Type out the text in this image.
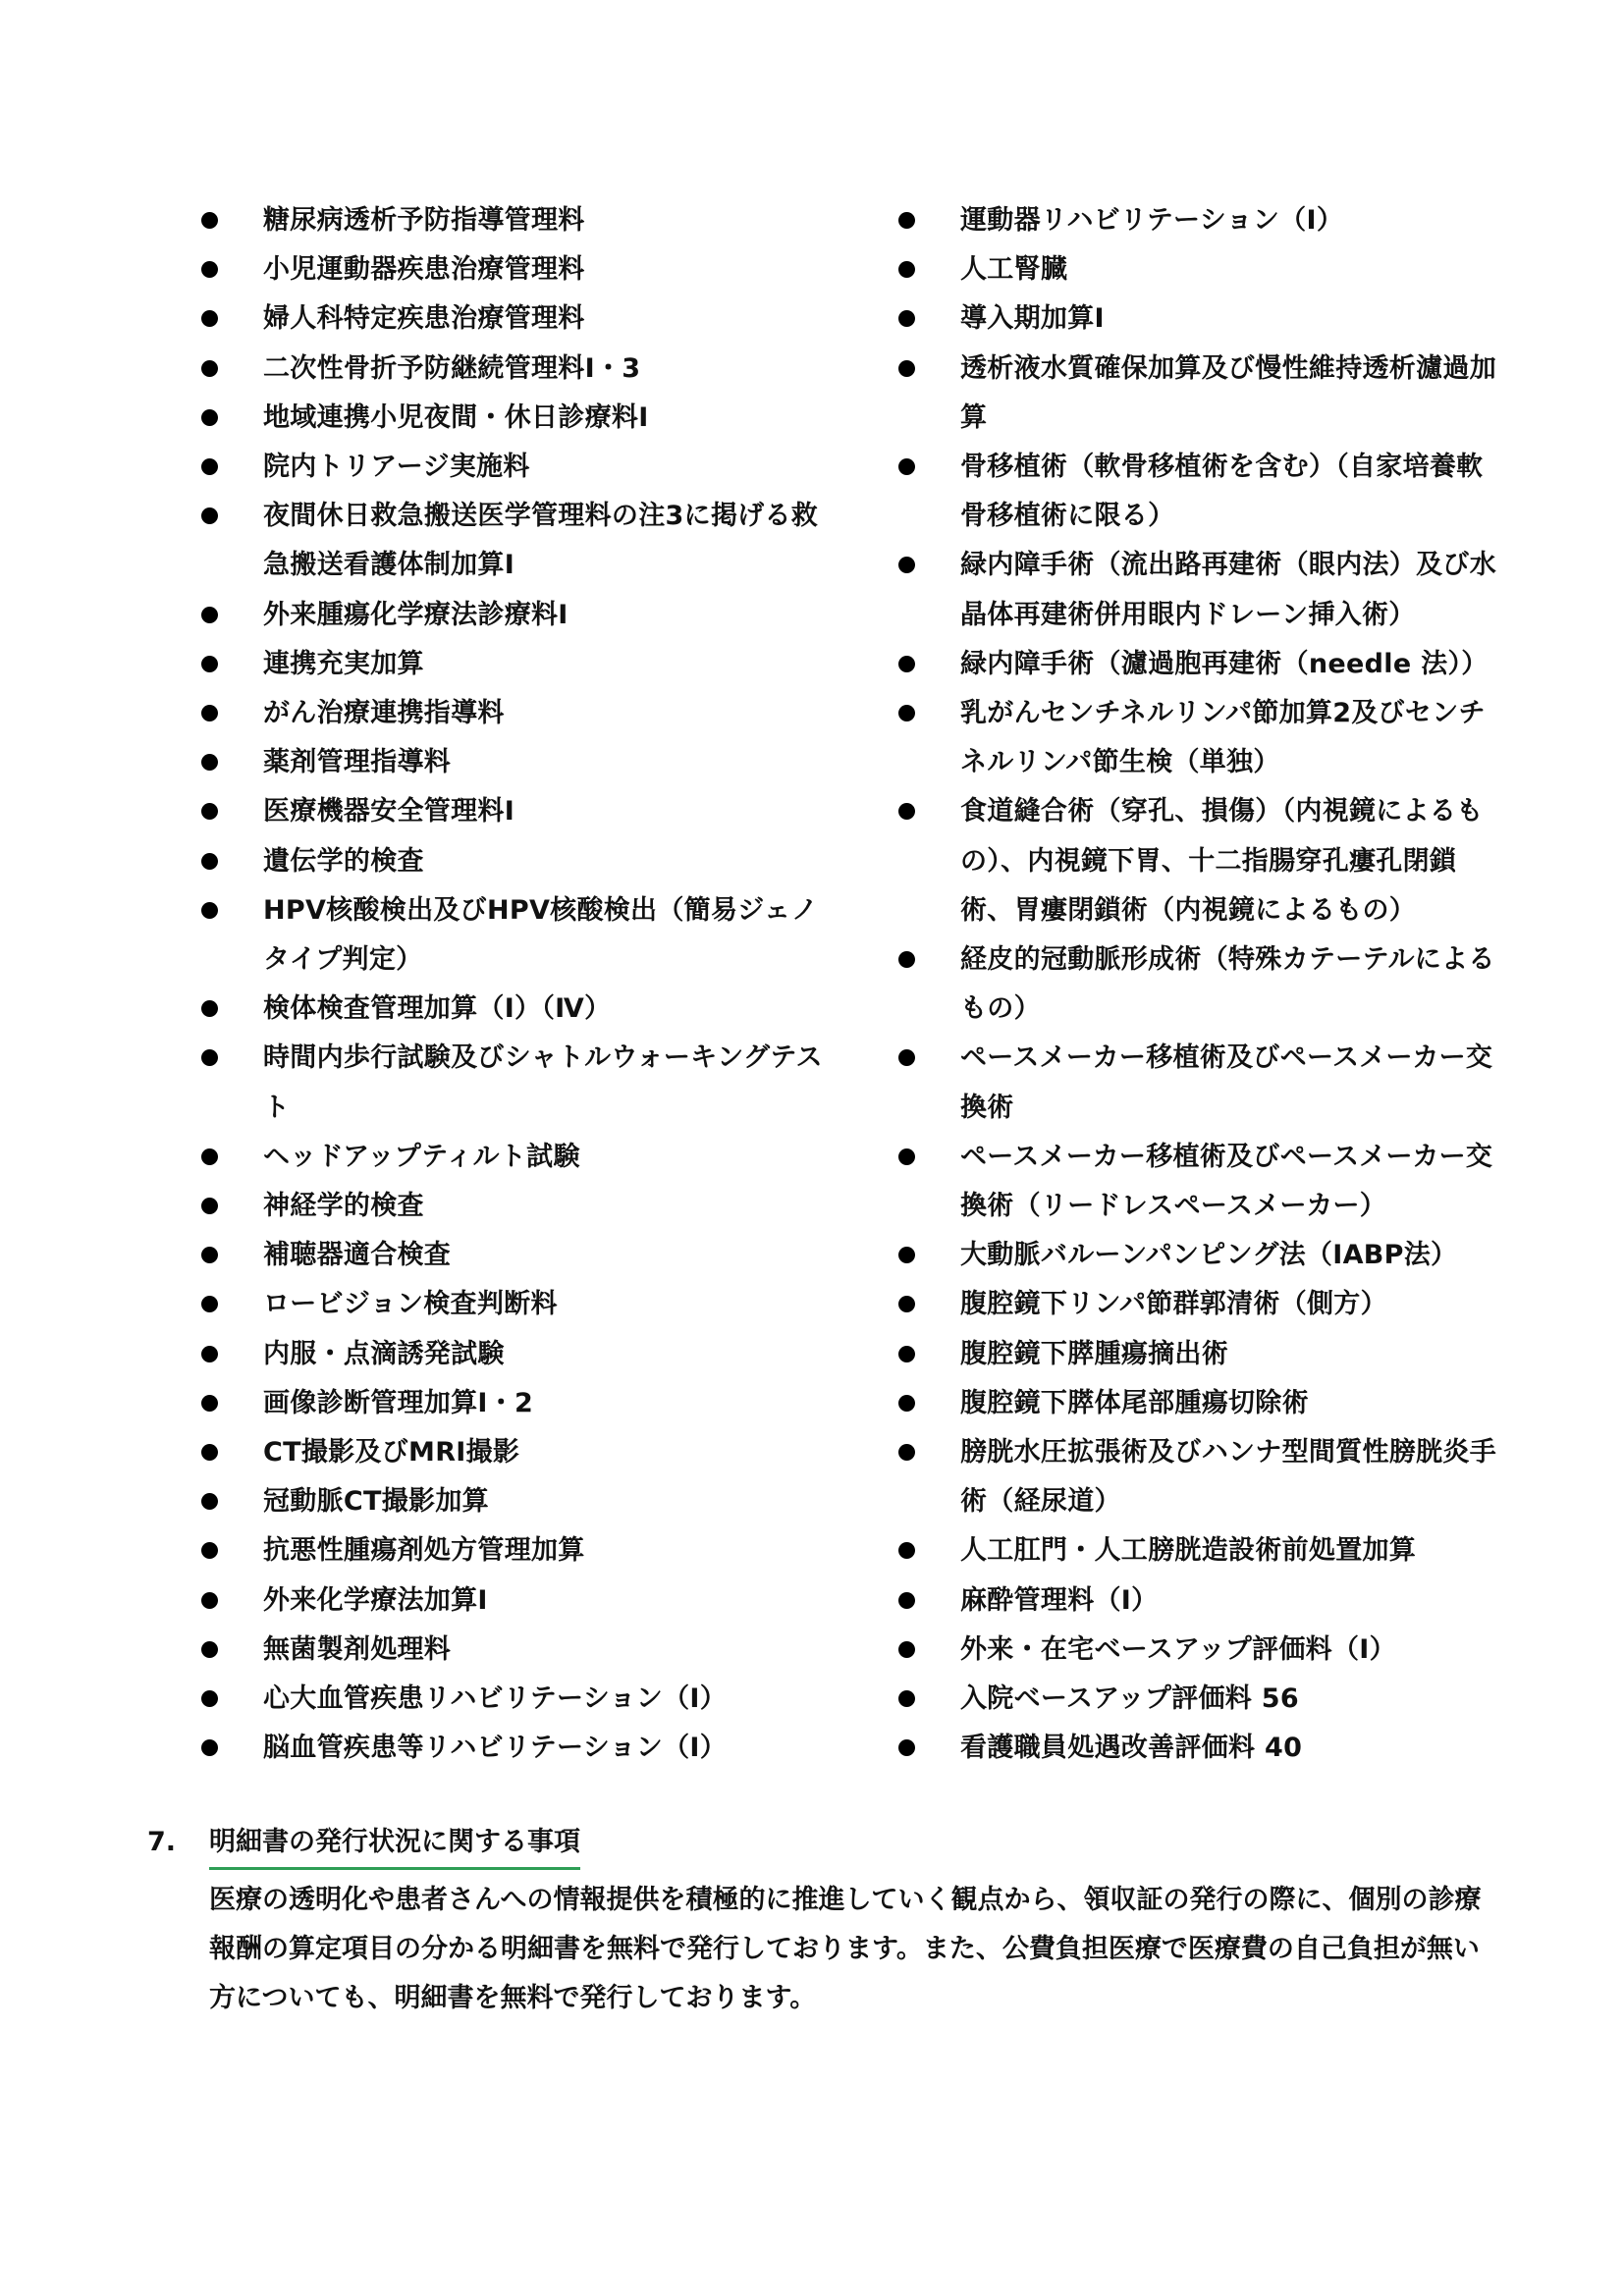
糖尿病透析予防指導管理料
小児運動器疾患治療管理料
婦人科特定疾患治療管理料
二次性骨折予防継続管理料Ⅰ・3
地域連携小児夜間・休日診療料Ⅰ
院内トリアージ実施料
夜間休日救急搬送医学管理料の注3に掲げる救急搬送看護体制加算Ⅰ
外来腫瘍化学療法診療料Ⅰ
連携充実加算
がん治療連携指導料
薬剤管理指導料
医療機器安全管理料Ⅰ
遺伝学的検査
HPV核酸検出及びHPV核酸検出（簡易ジェノタイプ判定）
検体検査管理加算（Ⅰ）（Ⅳ）
時間内歩行試験及びシャトルウォーキングテスト
ヘッドアップティルト試験
神経学的検査
補聴器適合検査
ロービジョン検査判断料
内服・点滴誘発試験
画像診断管理加算Ⅰ・2
CT撮影及びMRI撮影
冠動脈CT撮影加算
抗悪性腫瘍剤処方管理加算
外来化学療法加算Ⅰ
無菌製剤処理料
心大血管疾患リハビリテーション（Ⅰ）
脳血管疾患等リハビリテーション（Ⅰ）
運動器リハビリテーション（Ⅰ）
人工腎臓
導入期加算Ⅰ
透析液水質確保加算及び慢性維持透析濾過加算
骨移植術（軟骨移植術を含む）（自家培養軟骨移植術に限る）
緑内障手術（流出路再建術（眼内法）及び水晶体再建術併用眼内ドレーン挿入術）
緑内障手術（濾過胞再建術（needle 法））
乳がんセンチネルリンパ節加算2及びセンチネルリンパ節生検（単独）
食道縫合術（穿孔、損傷）（内視鏡によるもの）、内視鏡下胃、十二指腸穿孔瘻孔閉鎖術、胃瘻閉鎖術（内視鏡によるもの）
経皮的冠動脈形成術（特殊カテーテルによるもの）
ペースメーカー移植術及びペースメーカー交換術
ペースメーカー移植術及びペースメーカー交換術（リードレスペースメーカー）
大動脈バルーンパンピング法（IABP法）
腹腔鏡下リンパ節群郭清術（側方）
腹腔鏡下膵腫瘍摘出術
腹腔鏡下膵体尾部腫瘍切除術
膀胱水圧拡張術及びハンナ型間質性膀胱炎手術（経尿道）
人工肛門・人工膀胱造設術前処置加算
麻酔管理料（Ⅰ）
外来・在宅ベースアップ評価料（Ⅰ）
入院ベースアップ評価料 56
看護職員処遇改善評価料 40
7.	明細書の発行状況に関する事項

医療の透明化や患者さんへの情報提供を積極的に推進していく観点から、領収証の発行の際に、個別の診療報酬の算定項目の分かる明細書を無料で発行しております。また、公費負担医療で医療費の自己負担が無い方についても、明細書を無料で発行しております。
